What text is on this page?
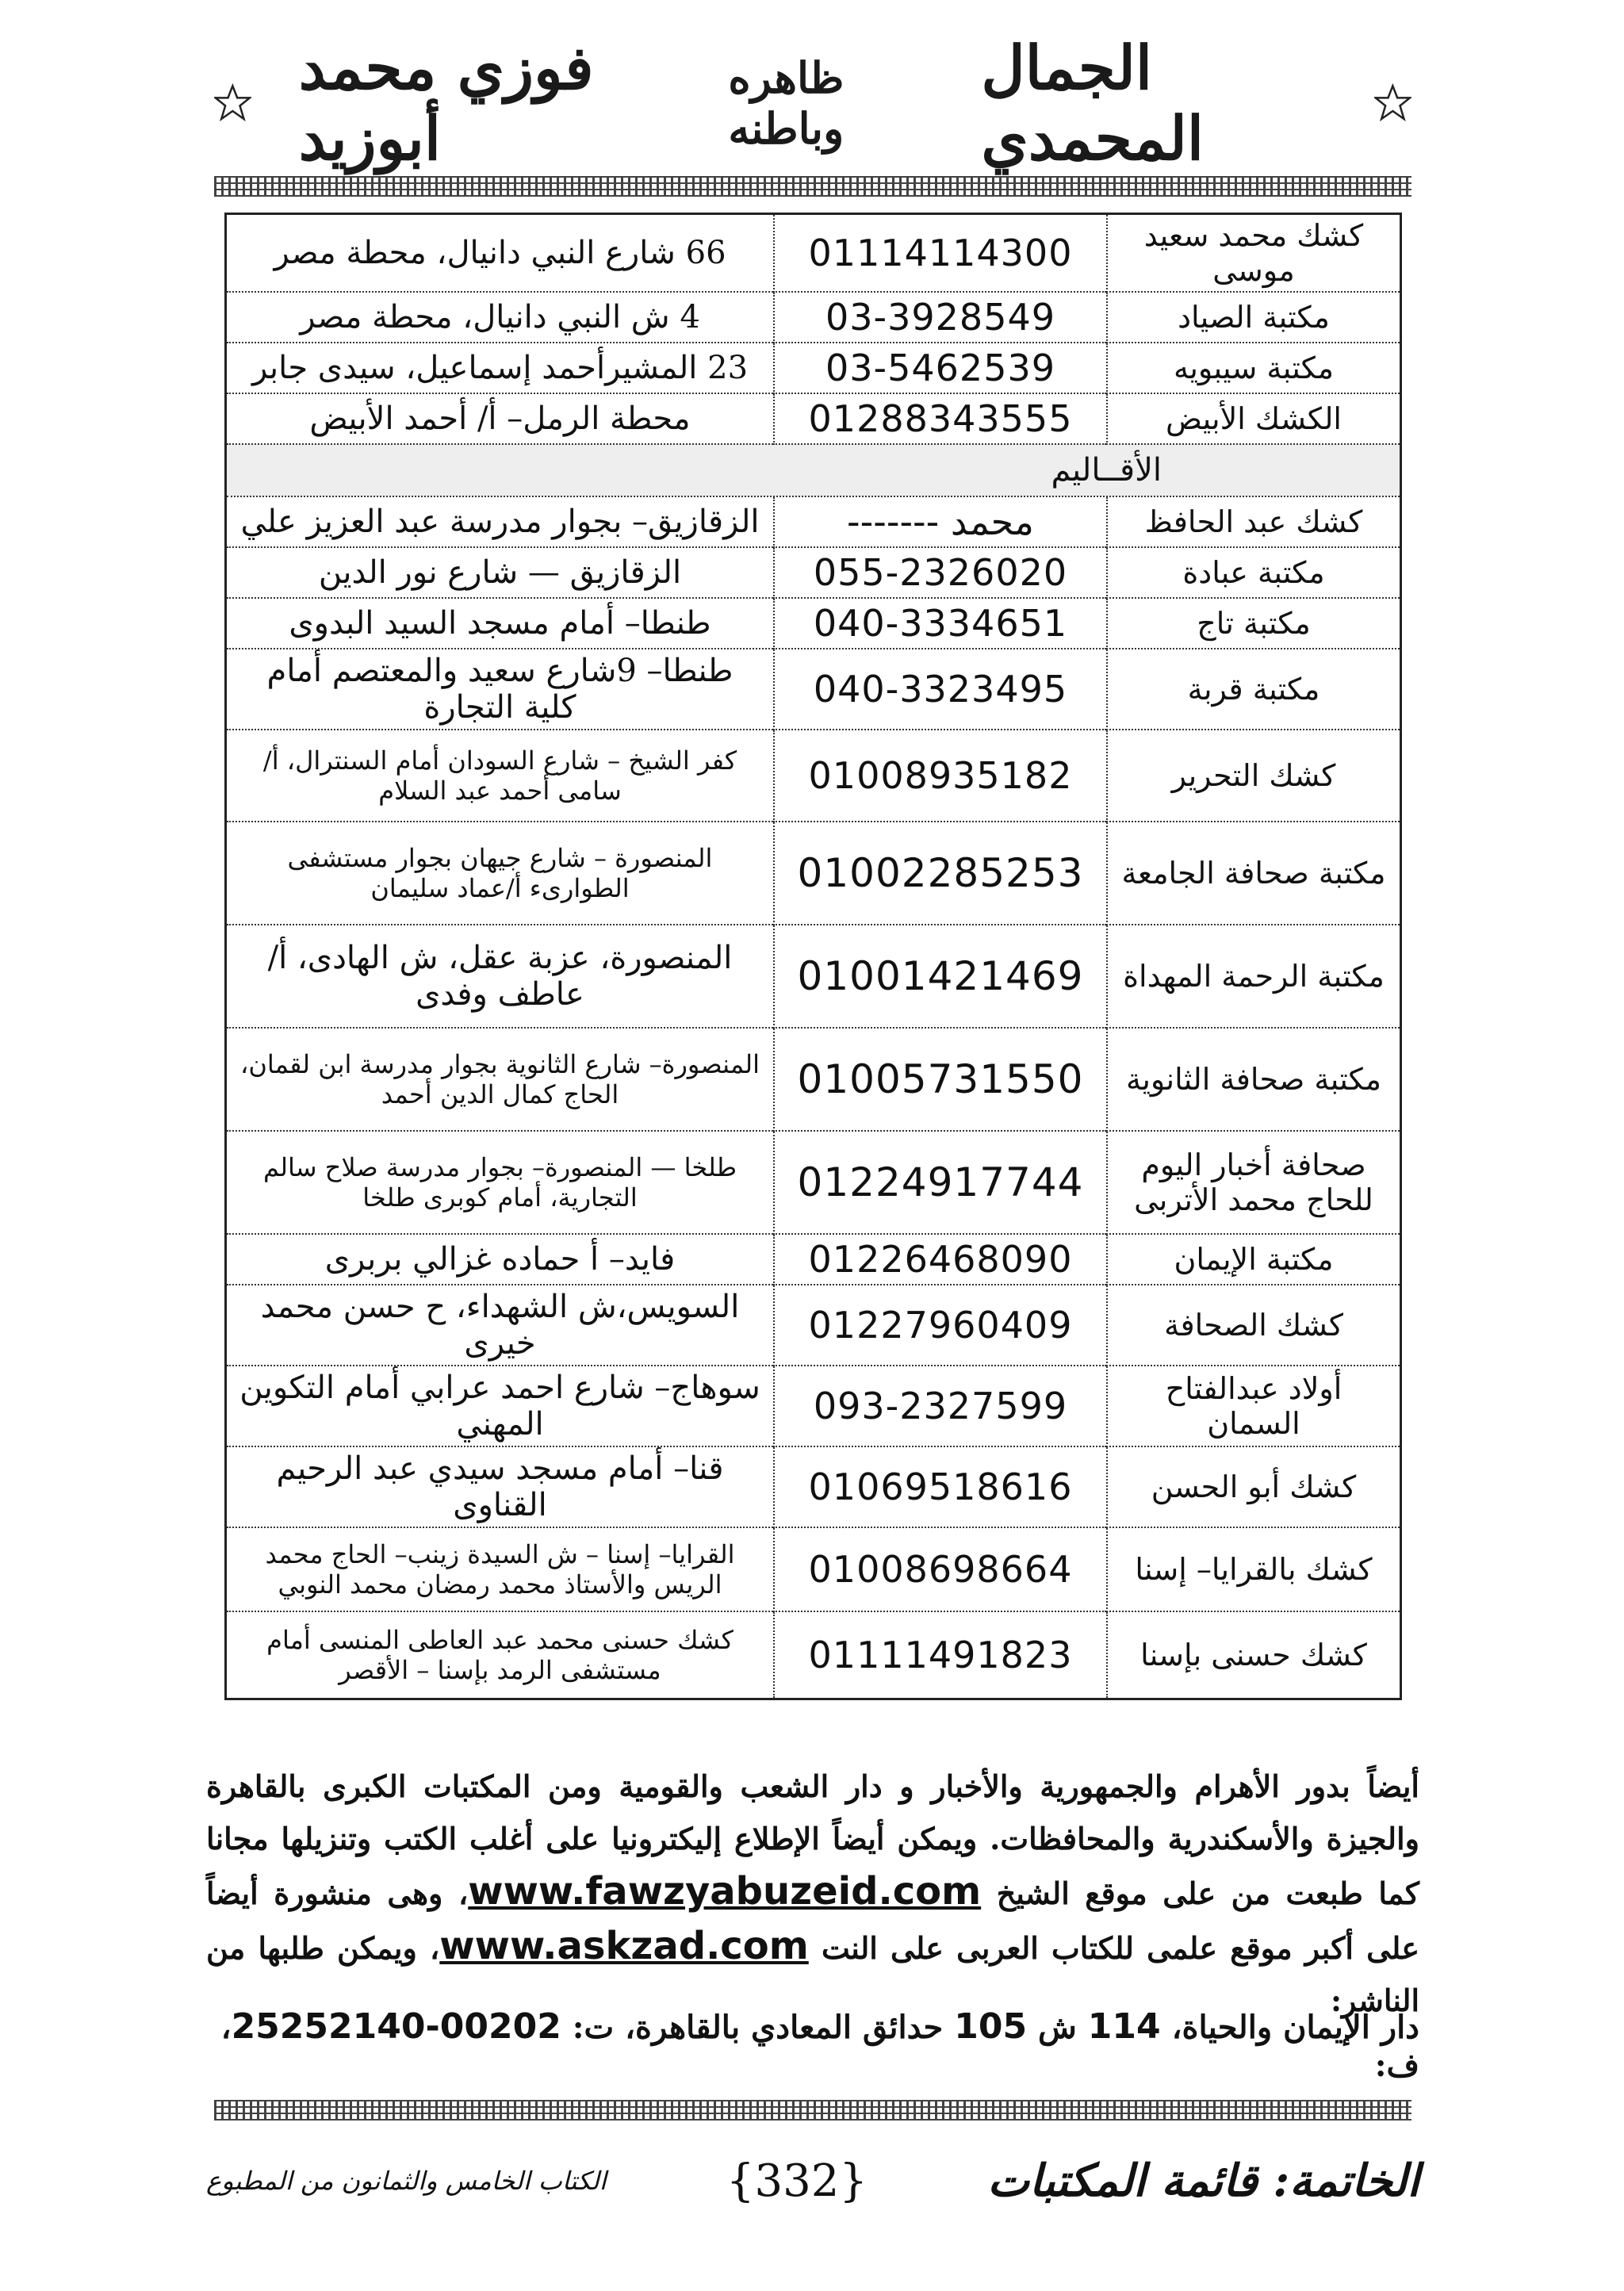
فوزي محمد أبوزيد
ظاهره وباطنه
الجمال المحمدي
كشك محمد سعيد موسى	01114114300	66 شارع النبي دانيال، محطة مصر
مكتبة الصياد	03-3928549	4 ش النبي دانيال، محطة مصر
مكتبة سيبويه	03-5462539	23 المشيرأحمد إسماعيل، سيدى جابر
الكشك الأبيض	01288343555	محطة الرمل– أ/ أحمد الأبيض
الأقــاليم		
كشك عبد الحافظ	محمد -------	الزقازيق– بجوار مدرسة عبد العزيز علي
مكتبة عبادة	055-2326020	الزقازيق — شارع نور الدين
مكتبة تاج	040-3334651	طنطا– أمام مسجد السيد البدوى
مكتبة قربة	040-3323495	طنطا– 9شارع سعيد والمعتصم أمام كلية التجارة
كشك التحرير	01008935182	كفر الشيخ – شارع السودان أمام السنترال، أ/سامى أحمد عبد السلام
مكتبة صحافة الجامعة	01002285253	المنصورة – شارع جيهان بجوار مستشفى الطوارىء أ/عماد سليمان
مكتبة الرحمة المهداة	01001421469	المنصورة، عزبة عقل، ش الهادى، أ/عاطف وفدى
مكتبة صحافة الثانوية	01005731550	المنصورة– شارع الثانوية بجوار مدرسة ابن لقمان، الحاج كمال الدين أحمد
صحافة أخبار اليوم للحاج محمد الأتربى	01224917744	طلخا — المنصورة– بجوار مدرسة صلاح سالم التجارية، أمام كوبرى طلخا
مكتبة الإيمان	01226468090	فايد– أ حماده غزالي بربرى
كشك الصحافة	01227960409	السويس،ش الشهداء، ح حسن محمد خيرى
أولاد عبدالفتاح السمان	093-2327599	سوهاج– شارع احمد عرابي أمام التكوين المهني
كشك أبو الحسن	01069518616	قنا– أمام مسجد سيدي عبد الرحيم القناوى
كشك بالقرايا– إسنا	01008698664	القرايا– إسنا – ش السيدة زينب– الحاج محمد الريس والأستاذ محمد رمضان محمد النوبي
كشك حسنى بإسنا	01111491823	كشك حسنى محمد عبد العاطى المنسى أمام مستشفى الرمد بإسنا – الأقصر
أيضاً بدور الأهرام والجمهورية والأخبار و دار الشعب والقومية ومن المكتبات الكبرى بالقاهرة والجيزة والأسكندرية والمحافظات. ويمكن أيضاً الإطلاع إليكترونيا على أغلب الكتب وتنزيلها مجانا كما طبعت من على موقع الشيخ www.fawzyabuzeid.com، وهى منشورة أيضاً على أكبر موقع علمى للكتاب العربى على النت www.askzad.com، ويمكن طلبها من الناشر:
دار الإيمان والحياة، 114 ش 105 حدائق المعادي بالقاهرة، ت: 00202-25252140، ف:
الخاتمة: قائمة المكتبات
{332}
الكتاب الخامس والثمانون من المطبوع
